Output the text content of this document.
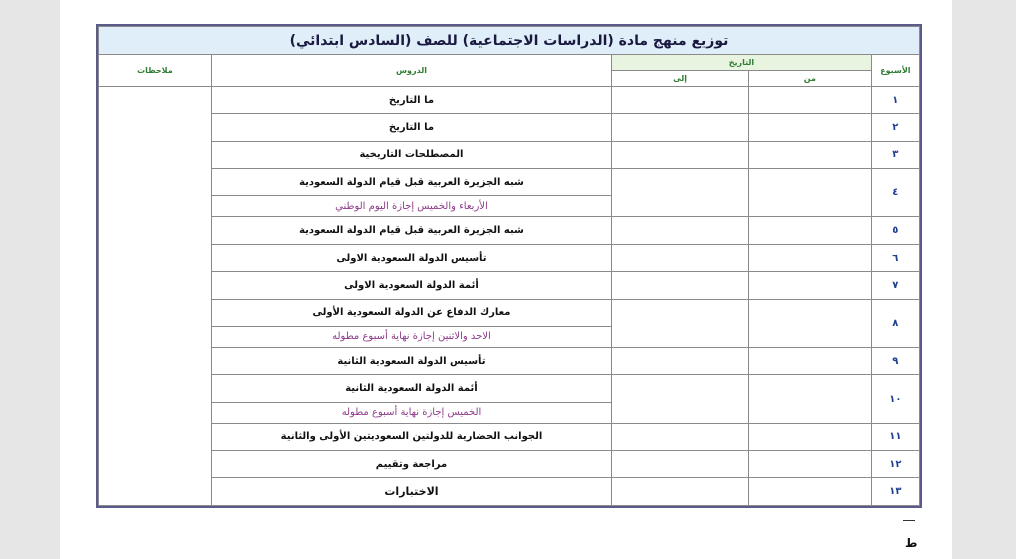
توزيع منهج مادة (الدراسات الاجتماعية) للصف (السادس ابتدائي)				
الأسبوع	التاريخ		الدروس	ملاحظات
	من	إلى		
١			ما التاريخ	
٢			ما التاريخ	
٣			المصطلحات التاريخية	
٤			شبه الجزيرة العربية قبل قيام الدولة السعودية	
			الأربعاء والخميس إجازة اليوم الوطني	
٥			شبه الجزيرة العربية قبل قيام الدولة السعودية	
٦			تأسيس الدولة السعودية الاولى	
٧			أئمة الدولة السعودية الاولى	
٨			معارك الدفاع عن الدولة السعودية الأولى	
			الاحد والاثنين إجازة نهاية أسبوع مطوله	
٩			تأسيس الدولة السعودية الثانية	
١٠			أئمة الدولة السعودية الثانية	
			الخميس إجازة نهاية أسبوع مطوله	
١١			الجوانب الحضارية للدولتين السعوديتين الأولى والثانية	
١٢			مراجعة وتقييم	
١٣			الاختبارات	
ط
